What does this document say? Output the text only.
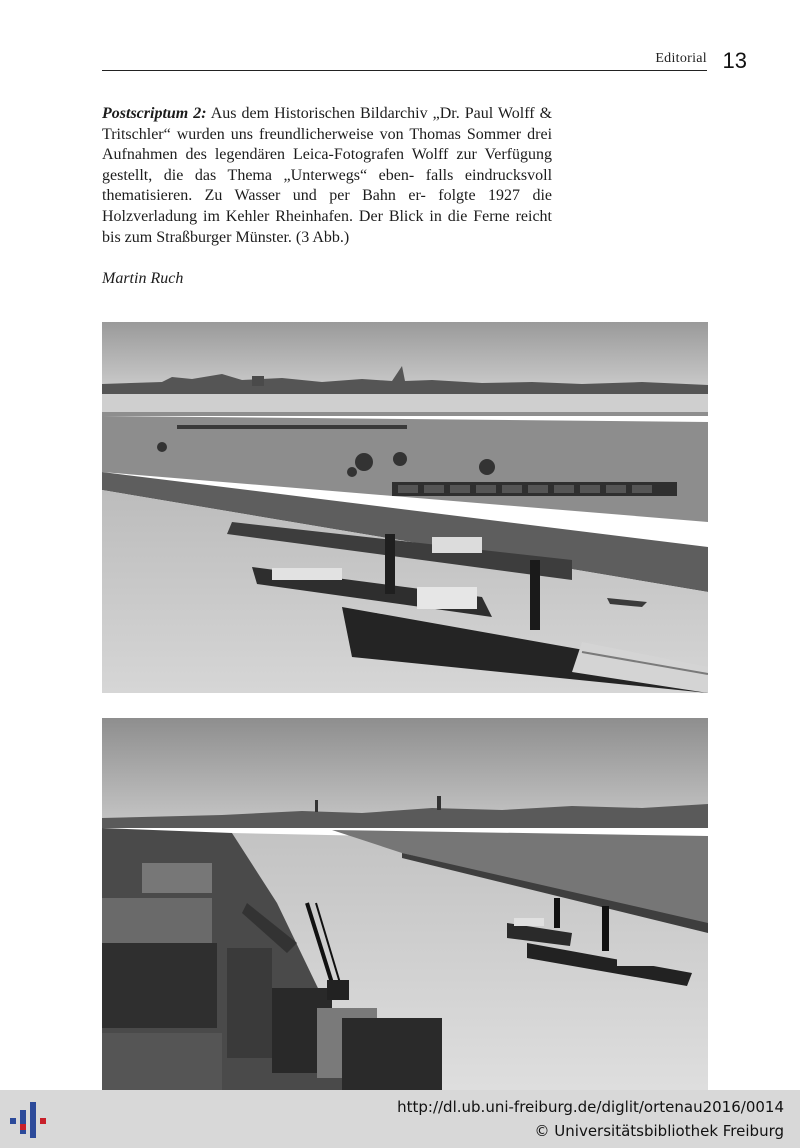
Editorial 13

Postscriptum 2: Aus dem Historischen Bildarchiv „Dr. Paul Wolff & Tritschler“ wurden uns freundlicherweise von Thomas Sommer drei Aufnahmen des legendären Leica-Fotografen Wolff zur Verfügung gestellt, die das Thema „Unterwegs“ eben- falls eindrucksvoll thematisieren. Zu Wasser und per Bahn er- folgte 1927 die Holzverladung im Kehler Rheinhafen. Der Blick in die Ferne reicht bis zum Straßburger Münster. (3 Abb.)

Martin Ruch

http://dl.ub.uni-freiburg.de/diglit/ortenau2016/0014
© Universitätsbibliothek Freiburg
